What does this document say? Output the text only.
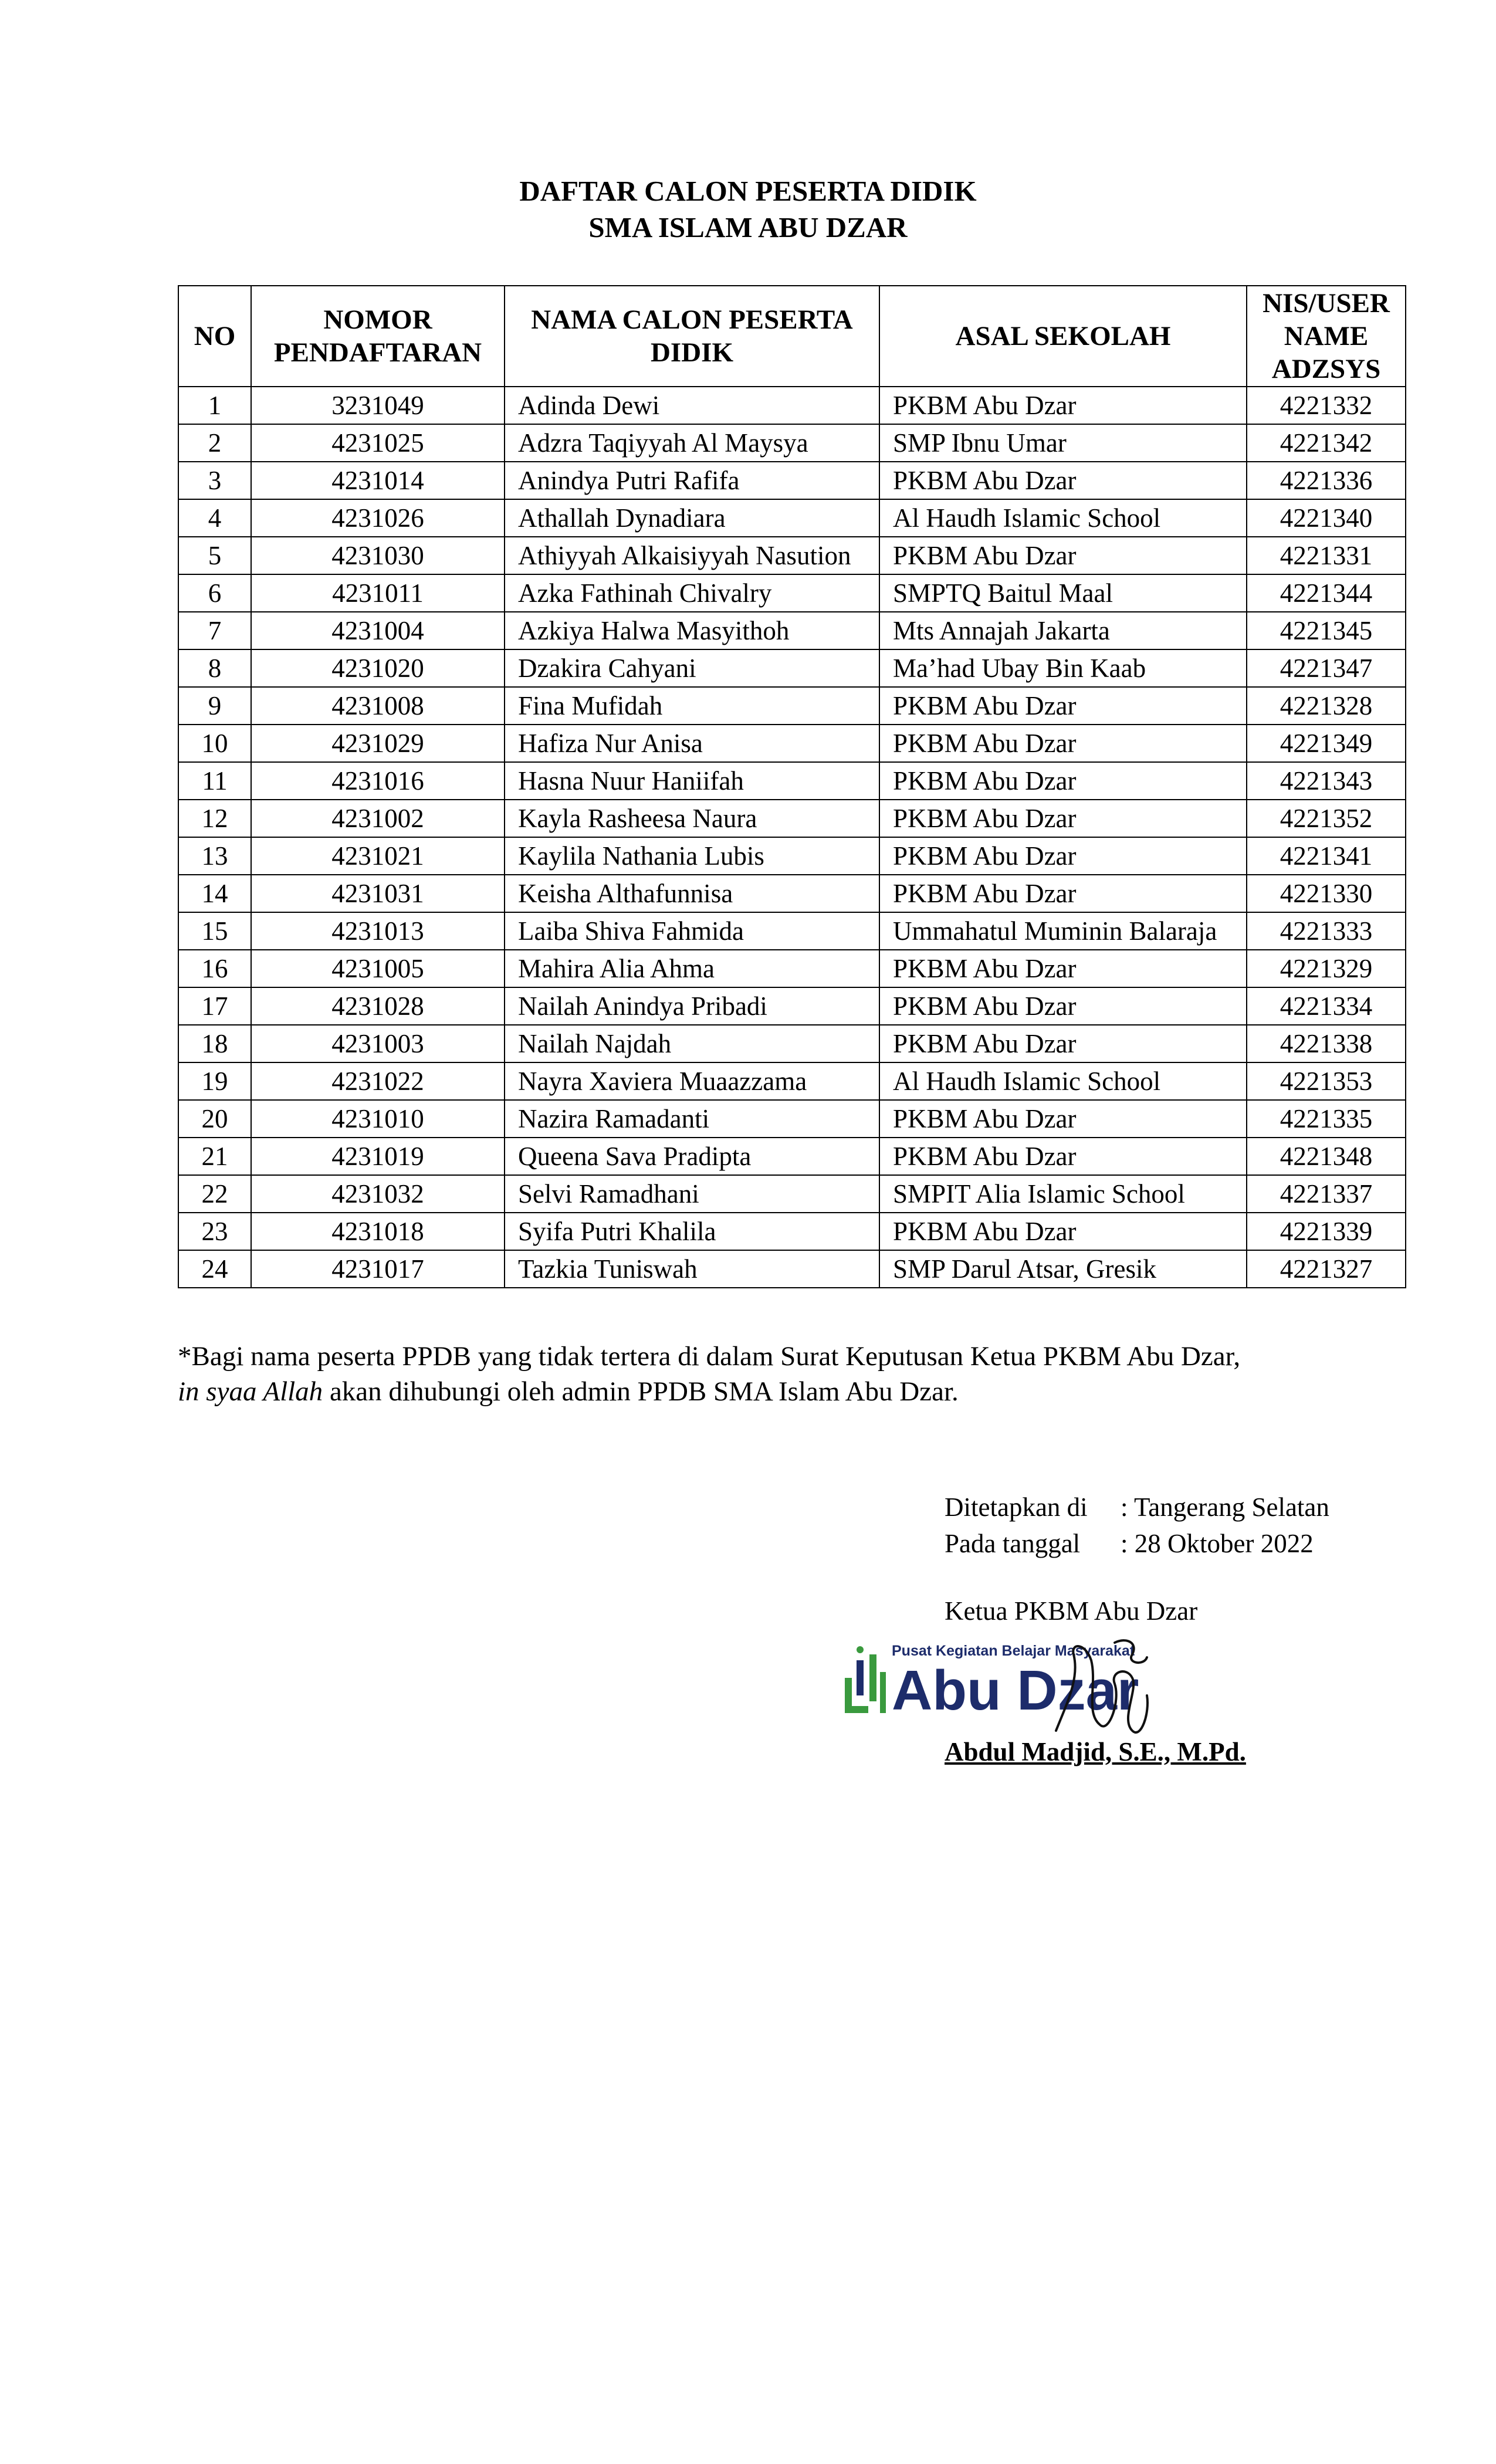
DAFTAR CALON PESERTA DIDIK
SMA ISLAM ABU DZAR
NO	NOMOR PENDAFTARAN	NAMA CALON PESERTA DIDIK	ASAL SEKOLAH	NIS/USER NAME ADZSYS
1	3231049	Adinda Dewi	PKBM Abu Dzar	4221332
2	4231025	Adzra Taqiyyah Al Maysya	SMP Ibnu Umar	4221342
3	4231014	Anindya Putri Rafifa	PKBM Abu Dzar	4221336
4	4231026	Athallah Dynadiara	Al Haudh Islamic School	4221340
5	4231030	Athiyyah Alkaisiyyah Nasution	PKBM Abu Dzar	4221331
6	4231011	Azka Fathinah Chivalry	SMPTQ Baitul Maal	4221344
7	4231004	Azkiya Halwa Masyithoh	Mts Annajah Jakarta	4221345
8	4231020	Dzakira Cahyani	Ma’had Ubay Bin Kaab	4221347
9	4231008	Fina Mufidah	PKBM Abu Dzar	4221328
10	4231029	Hafiza Nur Anisa	PKBM Abu Dzar	4221349
11	4231016	Hasna Nuur Haniifah	PKBM Abu Dzar	4221343
12	4231002	Kayla Rasheesa Naura	PKBM Abu Dzar	4221352
13	4231021	Kaylila Nathania Lubis	PKBM Abu Dzar	4221341
14	4231031	Keisha Althafunnisa	PKBM Abu Dzar	4221330
15	4231013	Laiba Shiva Fahmida	Ummahatul Muminin Balaraja	4221333
16	4231005	Mahira Alia Ahma	PKBM Abu Dzar	4221329
17	4231028	Nailah Anindya Pribadi	PKBM Abu Dzar	4221334
18	4231003	Nailah Najdah	PKBM Abu Dzar	4221338
19	4231022	Nayra Xaviera Muaazzama	Al Haudh Islamic School	4221353
20	4231010	Nazira Ramadanti	PKBM Abu Dzar	4221335
21	4231019	Queena Sava Pradipta	PKBM Abu Dzar	4221348
22	4231032	Selvi Ramadhani	SMPIT Alia Islamic School	4221337
23	4231018	Syifa Putri Khalila	PKBM Abu Dzar	4221339
24	4231017	Tazkia Tuniswah	SMP Darul Atsar, Gresik	4221327
*Bagi nama peserta PPDB yang tidak tertera di dalam Surat Keputusan Ketua PKBM Abu Dzar,
in syaa Allah akan dihubungi oleh admin PPDB SMA Islam Abu Dzar.
Ditetapkan di	: Tangerang Selatan
Pada tanggal	: 28 Oktober 2022
Ketua PKBM Abu Dzar
Pusat Kegiatan Belajar Masyarakat
Abu Dzar
Abdul Madjid, S.E., M.Pd.
